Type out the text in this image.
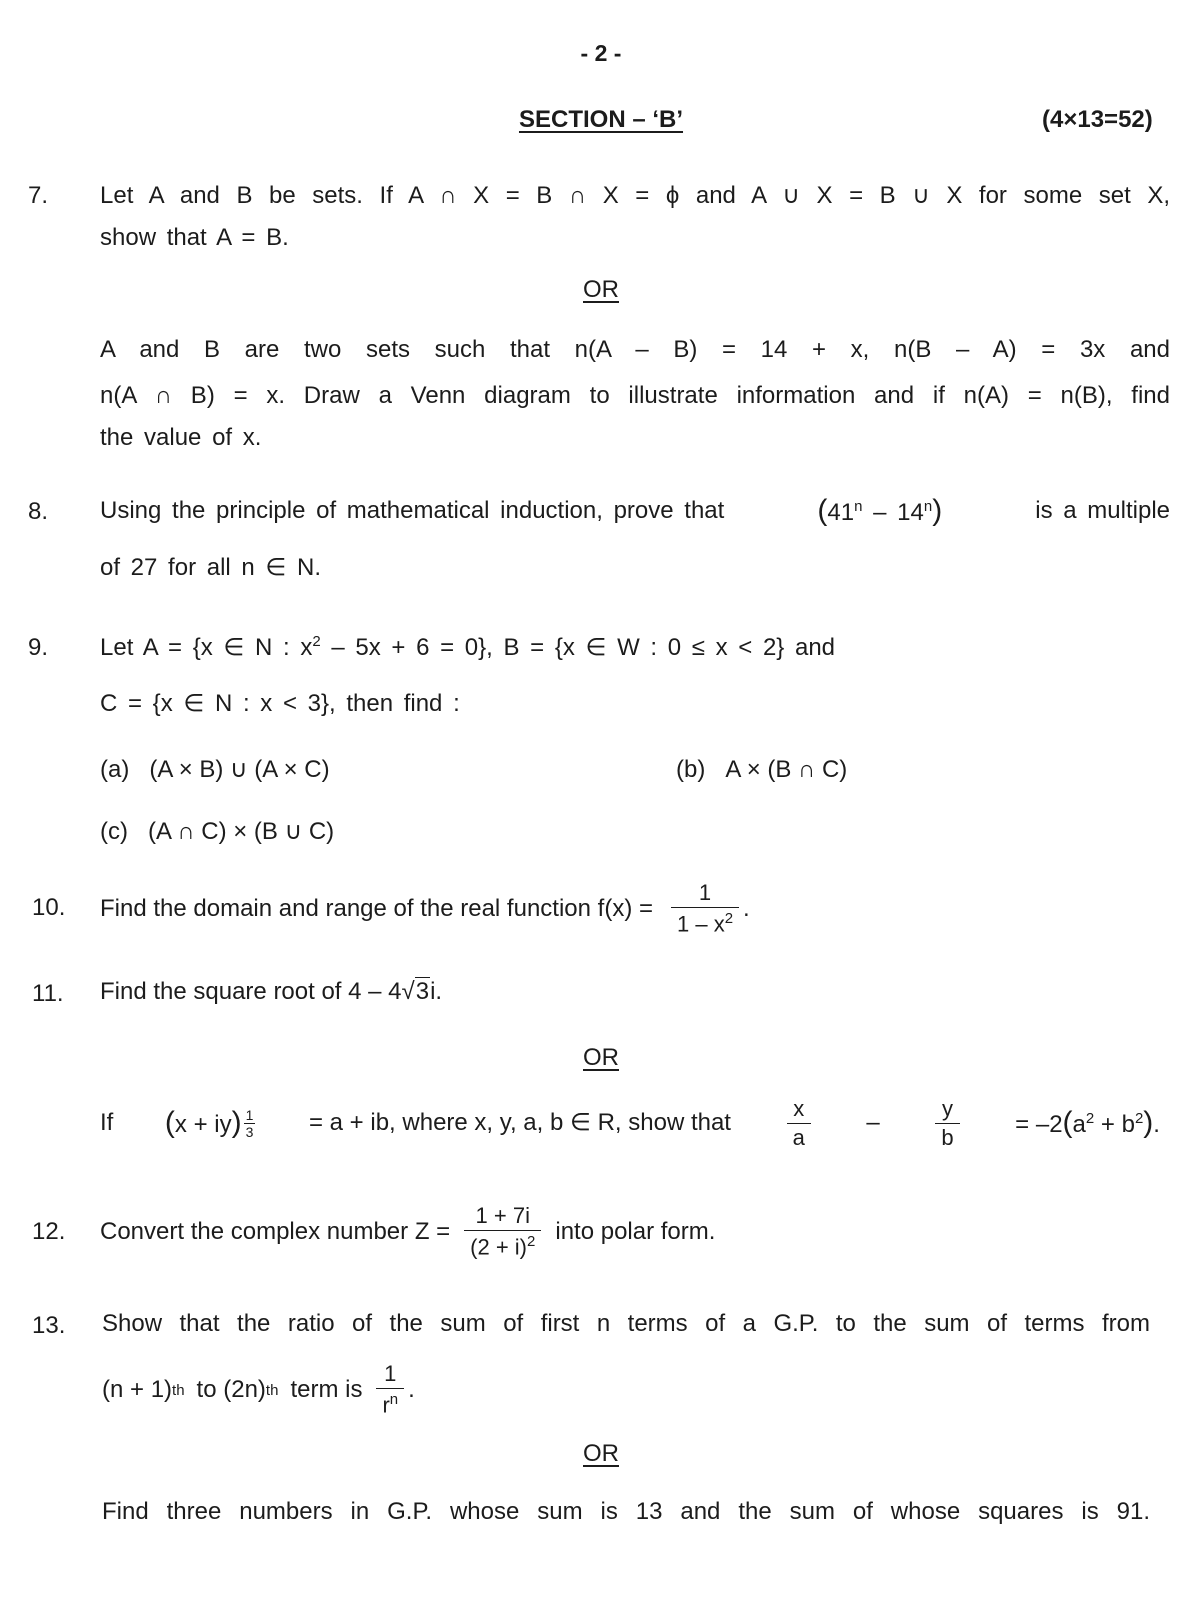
- 2 -
SECTION – ‘B’	(4×13=52)
7. Let A and B be sets. If A ∩ X = B ∩ X = ϕ and A ∪ X = B ∪ X for some set X,
show that A = B.
OR
A and B are two sets such that n(A – B) = 14 + x, n(B – A) = 3x and
n(A ∩ B) = x. Draw a Venn diagram to illustrate information and if n(A) = n(B), find
the value of x.
8. Using the principle of mathematical induction, prove that	(41$^n$ – 14$^n$)	is a multiple
of 27 for all n ∈ N.
9. Let A = {x ∈ N : $x^2 - 5x + 6 = 0$}, B = {x ∈ W : 0 ≤ x < 2} and
C = {x ∈ N : x < 3}, then find :
(a) (A × B) ∪ (A × C)	(b) A × (B ∩ C)
(c) (A ∩ C) × (B ∪ C)
10. Find the domain and range of the real function $f(x) = \frac{1}{1 - x^2}$ .
11. Find the square root of 4 – 4√3i.
OR
If $(x + iy) \frac{1}{3} = a$ + ib, where x, y, a, b ∈ R, show that	$\frac{x}{a}$ –	$\frac{y}{b} = -2(a^2 + b^2)$.
12. Convert the complex number $Z = \frac{1 + 7i}{(2 + i)^2}$ into polar form.
13. Show that the ratio of the sum of first n terms of a G.P. to the sum of terms from
(n + 1) th to (2n) th term is $\frac{1}{r^n}$ .
OR
Find three numbers in G.P. whose sum is 13 and the sum of whose squares is 91.
